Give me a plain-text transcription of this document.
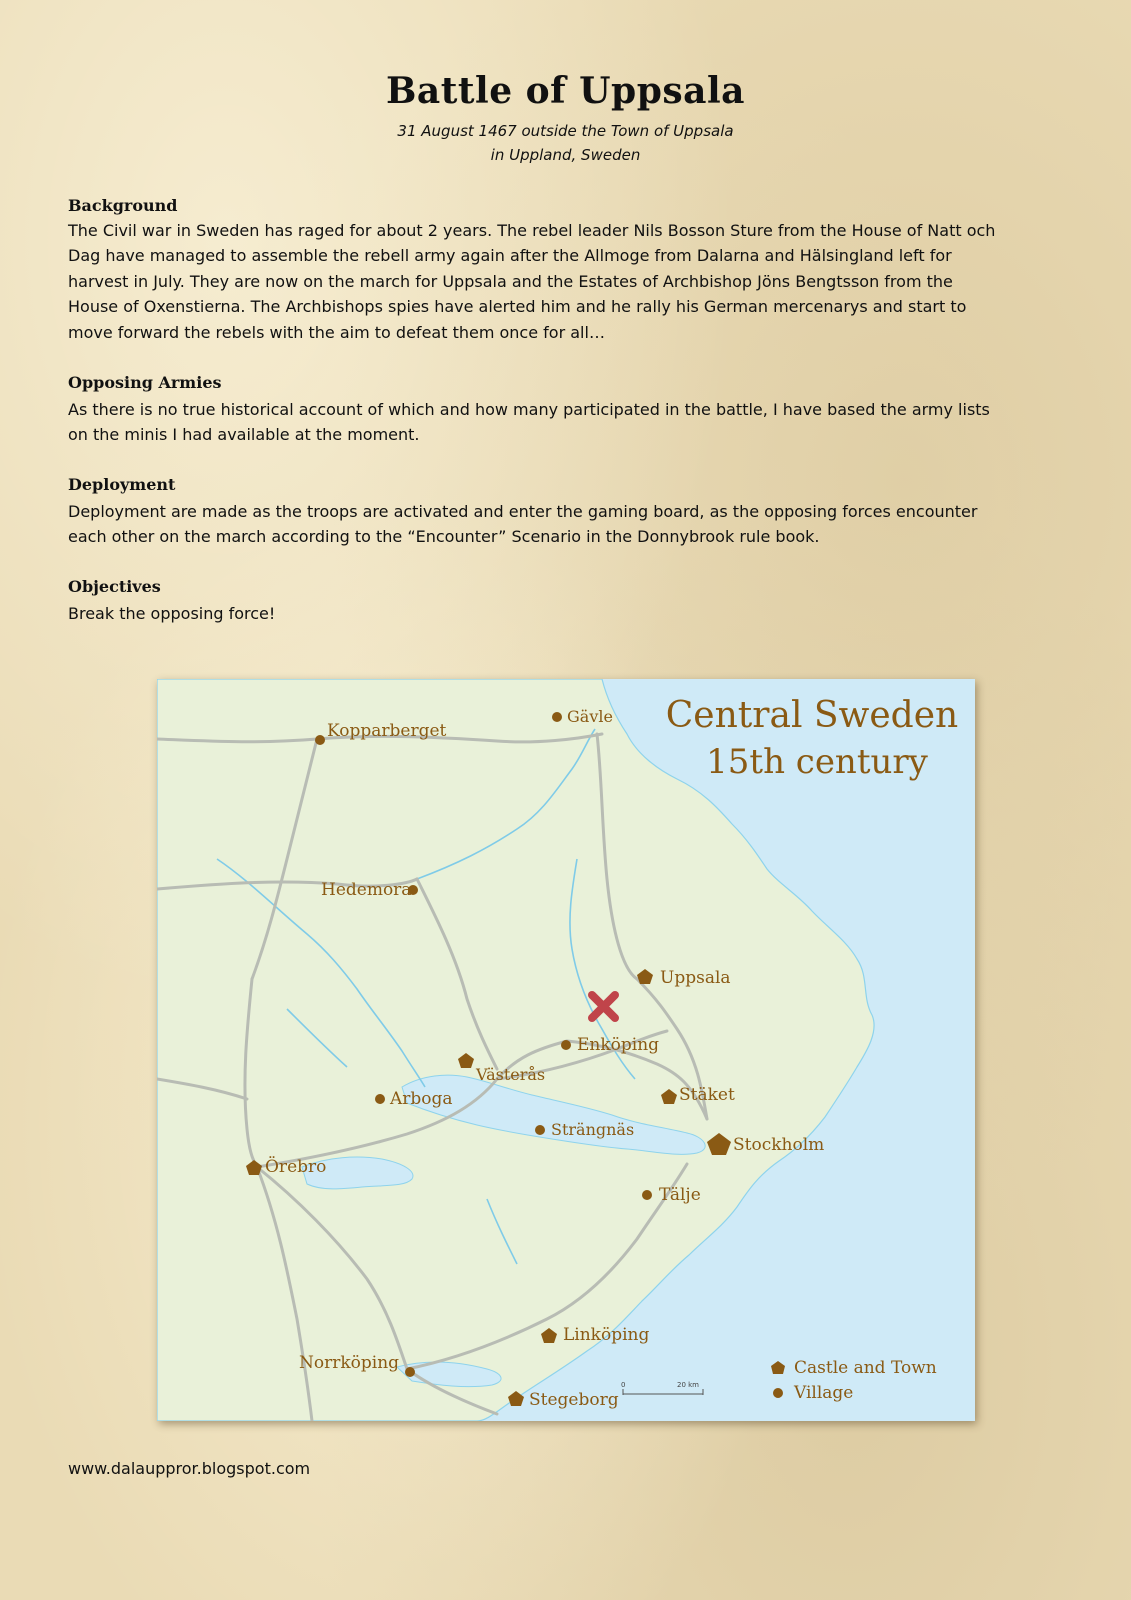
Battle of Uppsala
31 August 1467 outside the Town of Uppsala
in Uppland, Sweden
Background
The Civil war in Sweden has raged for about 2 years. The rebel leader Nils Bosson Sture from the House of Natt och
Dag have managed to assemble the rebell army again after the Allmoge from Dalarna and Hälsingland left for
harvest in July. They are now on the march for Uppsala and the Estates of Archbishop Jöns Bengtsson from the
House of Oxenstierna. The Archbishops spies have alerted him and he rally his German mercenarys and start to
move forward the rebels with the aim to defeat them once for all…
Opposing Armies
As there is no true historical account of which and how many participated in the battle, I have based the army lists
on the minis I had available at the moment.
Deployment
Deployment are made as the troops are activated and enter the gaming board, as the opposing forces encounter
each other on the march according to the “Encounter” Scenario in the Donnybrook rule book.
Objectives
Break the opposing force!
Central Sweden
15th century
Kopparberget
Gävle
Hedemora
Enköping
Arboga
Strängnäs
Tälje
Norrköping
Uppsala
Västerås
Stäket
Stockholm
Örebro
Linköping
Stegeborg
Castle and Town
Village
0	20 km
www.dalauppror.blogspot.com
